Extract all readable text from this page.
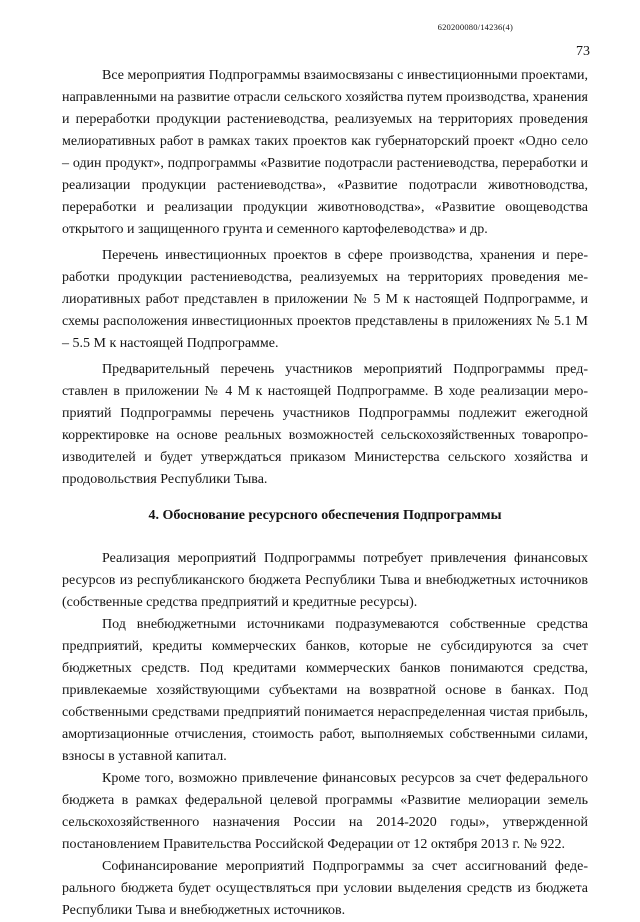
620200080/14236(4)
73

Все мероприятия Подпрограммы взаимосвязаны с инвестиционными проектами, направленными на развитие отрасли сельского хозяйства путем производства, хранения и переработки продукции растениеводства, реализуемых на территориях проведения мелиоративных работ в рамках таких проектов как губернаторский проект «Одно село – один продукт», подпрограммы «Развитие подотрасли растениеводства, переработки и реализации продукции растениеводства», «Развитие подотрасли животноводства, переработки и реализации продукции животноводства», «Развитие овощеводства открытого и защищенного грунта и семенного картофелеводства» и др.

Перечень инвестиционных проектов в сфере производства, хранения и переработки продукции растениеводства, реализуемых на территориях проведения мелиоративных работ представлен в приложении № 5 М к настоящей Подпрограмме, и схемы расположения инвестиционных проектов представлены в приложениях № 5.1 М – 5.5 М к настоящей Подпрограмме.

Предварительный перечень участников мероприятий Подпрограммы представлен в приложении № 4 М к настоящей Подпрограмме. В ходе реализации мероприятий Подпрограммы перечень участников Подпрограммы подлежит ежегодной корректировке на основе реальных возможностей сельскохозяйственных товаропроизводителей и будет утверждаться приказом Министерства сельского хозяйства и продовольствия Республики Тыва.

4. Обоснование ресурсного обеспечения Подпрограммы

Реализация мероприятий Подпрограммы потребует привлечения финансовых ресурсов из республиканского бюджета Республики Тыва и внебюджетных источников (собственные средства предприятий и кредитные ресурсы).

Под внебюджетными источниками подразумеваются собственные средства предприятий, кредиты коммерческих банков, которые не субсидируются за счет бюджетных средств. Под кредитами коммерческих банков понимаются средства, привлекаемые хозяйствующими субъектами на возвратной основе в банках. Под собственными средствами предприятий понимается нераспределенная чистая прибыль, амортизационные отчисления, стоимость работ, выполняемых собственными силами, взносы в уставной капитал.

Кроме того, возможно привлечение финансовых ресурсов за счет федерального бюджета в рамках федеральной целевой программы «Развитие мелиорации земель сельскохозяйственного назначения России на 2014-2020 годы», утвержденной постановлением Правительства Российской Федерации от 12 октября 2013 г. № 922.

Софинансирование мероприятий Подпрограммы за счет ассигнований федерального бюджета будет осуществляться при условии выделения средств из бюджета Республики Тыва и внебюджетных источников.
